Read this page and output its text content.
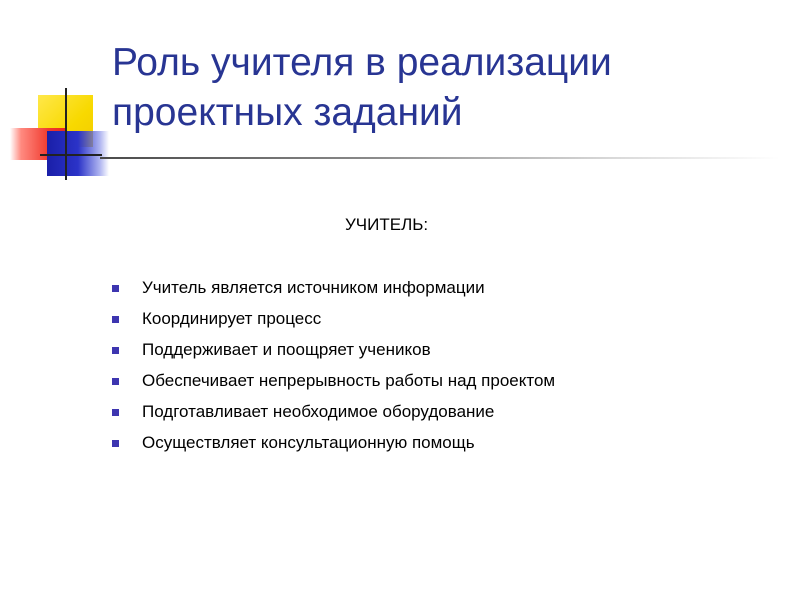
Роль учителя в реализации проектных заданий
УЧИТЕЛЬ:
Учитель является источником информации
Координирует процесс
Поддерживает и поощряет учеников
Обеспечивает непрерывность работы над проектом
Подготавливает необходимое оборудование
Осуществляет консультационную помощь
